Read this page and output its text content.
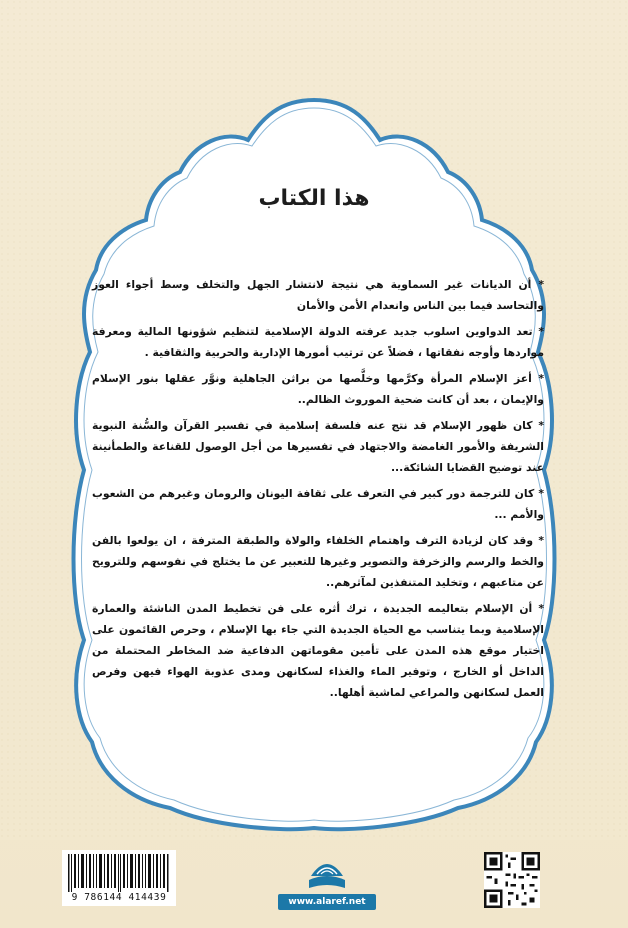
هذا الكتاب

* أن الديانات غير السماوية هي نتيجة لانتشار الجهل والتخلف وسط أجواء العوز والتحاسد فيما بين الناس وانعدام الأمن والأمان

* تعد الدواوين اسلوب جديد عرفته الدولة الإسلامية لتنظيم شؤونها المالية ومعرفة مواردها وأوجه نفقاتها ، فضلاً عن ترتيب أمورها الإدارية والحربية والثقافية .

* أعز الإسلام المرأة وكرَّمها وخلَّصها من براثن الجاهلية ونوَّر عقلها بنور الإسلام والإيمان ، بعد أن كانت ضحية الموروث الظالم..

* كان ظهور الإسلام قد نتج عنه فلسفة إسلامية في تفسير القرآن والسُّنة النبوية الشريفة والأمور الغامضة والاجتهاد في تفسيرها من أجل الوصول للقناعة والطمأنينة عند توضيح القضايا الشائكة...

* كان للترجمة دور كبير في التعرف على ثقافة اليونان والرومان وغيرهم من الشعوب والأمم ...

* وقد كان لزيادة الترف واهتمام الخلفاء والولاة والطبقة المترفة ، ان يولعوا بالفن والخط والرسم والزخرفة والتصوير وغيرها للتعبير عن ما يختلج في نفوسهم وللترويح عن متاعبهم ، وتخليد المتنفذين لمآثرهم..

* أن الإسلام بتعاليمه الجديدة ، ترك أثره على فن تخطيط المدن الناشئة والعمارة الإسلامية وبما يتناسب مع الحياة الجديدة التي جاء بها الإسلام ، وحرص القائمون على اختيار موقع هذه المدن على تأمين مقوماتهن الدفاعية ضد المخاطر المحتملة من الداخل أو الخارج ، وتوفير الماء والغذاء لسكانهن ومدى عذوبة الهواء فيهن وفرص العمل لسكانهن والمراعي لماشية أهلها..

9 786144 414439	www.alaref.net
